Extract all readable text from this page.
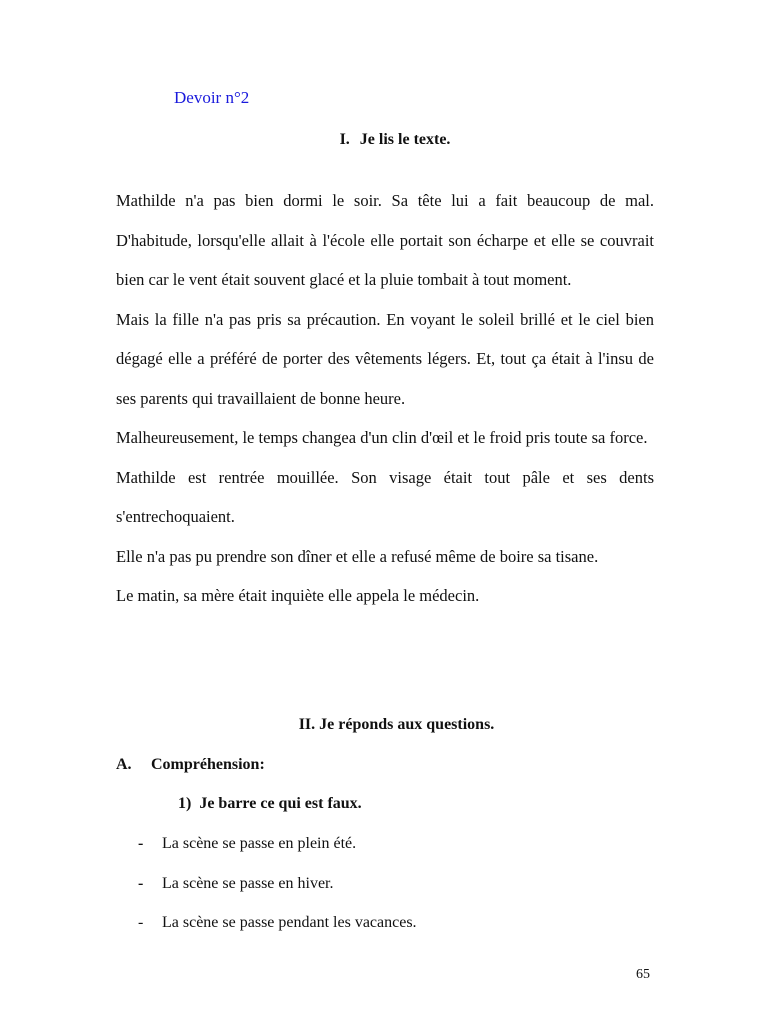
Devoir n°2
I. Je lis le texte.

Mathilde n'a pas bien dormi le soir. Sa tête lui a fait beaucoup de mal. D'habitude, lorsqu'elle allait à l'école elle portait son écharpe et elle se couvrait bien car le vent était souvent glacé et la pluie tombait à tout moment.

Mais la fille n'a pas pris sa précaution. En voyant le soleil brillé et le ciel bien dégagé elle a préféré de porter des vêtements légers. Et, tout ça était à l'insu de ses parents qui travaillaient de bonne heure.

Malheureusement, le temps changea d'un clin d'œil et le froid pris toute sa force.

Mathilde est rentrée mouillée. Son visage était tout pâle et ses dents s'entrechoquaient.

Elle n'a pas pu prendre son dîner et elle a refusé même de boire sa tisane.

Le matin, sa mère était inquiète elle appela le médecin.

II. Je réponds aux questions.
A. Compréhension:
1) Je barre ce qui est faux.
- La scène se passe en plein été.
- La scène se passe en hiver.
- La scène se passe pendant les vacances.
65
